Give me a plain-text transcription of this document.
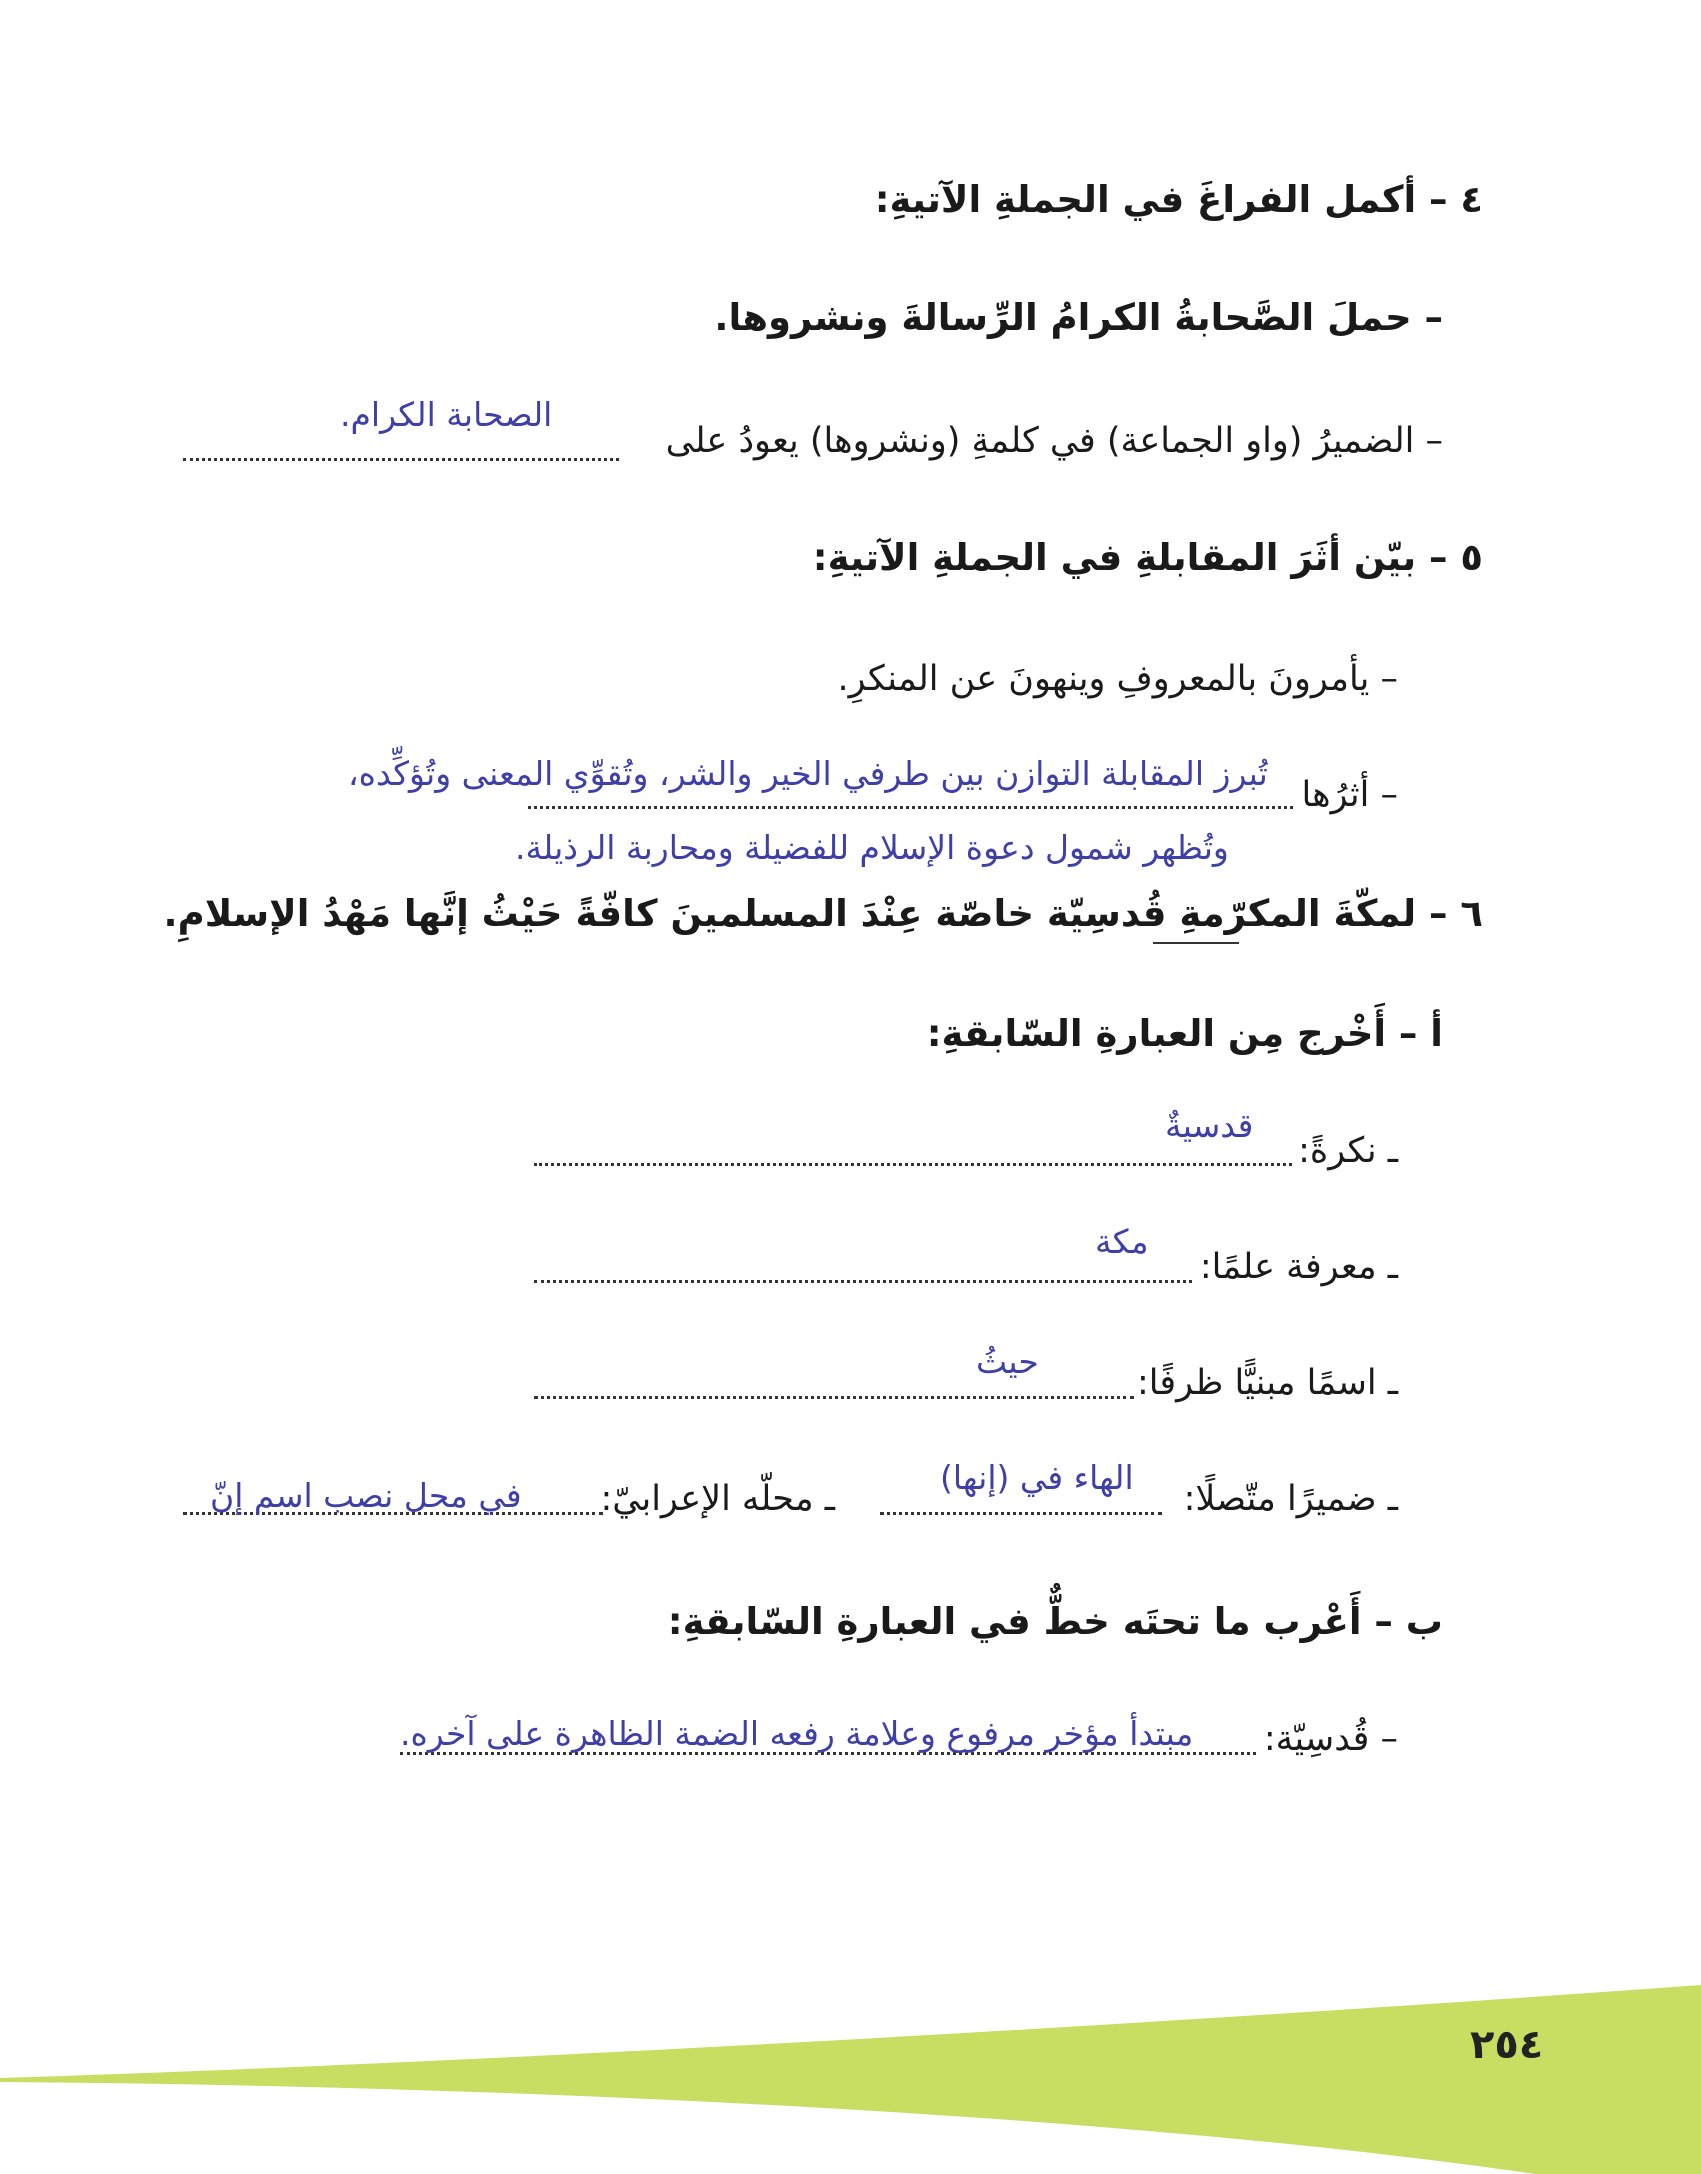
٤ – أكمل الفراغَ في الجملةِ الآتيةِ:
– حملَ الصَّحابةُ الكرامُ الرِّسالةَ ونشروها.
– الضميرُ (واو الجماعة) في كلمةِ (ونشروها) يعودُ على
الصحابة الكرام.
٥ – بيّن أثَرَ المقابلةِ في الجملةِ الآتيةِ:
– يأمرونَ بالمعروفِ وينهونَ عن المنكرِ.
– أثرُها
تُبرز المقابلة التوازن بين طرفي الخير والشر، وتُقوِّي المعنى وتُؤكِّده،
وتُظهر شمول دعوة الإسلام للفضيلة ومحاربة الرذيلة.
٦ – لمكّةَ المكرّمةِ قُدسِيّة خاصّة عِنْدَ المسلمينَ كافّةً حَيْثُ إنَّها مَهْدُ الإسلامِ.
أ – أَخْرج مِن العبارةِ السّابقةِ:
ـ نكرةً:
قدسيةٌ
ـ معرفة علمًا:
مكة
ـ اسمًا مبنيًّا ظرفًا:
حيثُ
ـ ضميرًا متّصلًا:
الهاء في (إنها)
ـ محلّه الإعرابيّ:
في محل نصب اسم إنّ
ب – أَعْرب ما تحتَه خطٌّ في العبارةِ السّابقةِ:
– قُدسِيّة:
مبتدأ مؤخر مرفوع وعلامة رفعه الضمة الظاهرة على آخره.
٢٥٤
